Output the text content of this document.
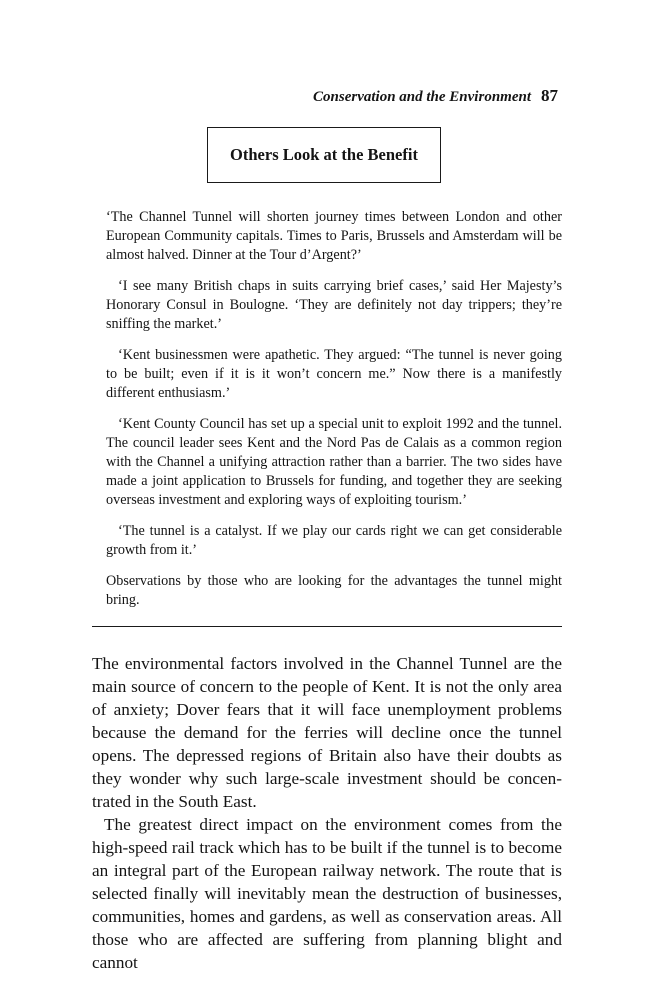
Conservation and the Environment 87
Others Look at the Benefit

‘The Channel Tunnel will shorten journey times between London and other European Community capitals. Times to Paris, Brussels and Amsterdam will be almost halved. Dinner at the Tour d’Argent?’

‘I see many British chaps in suits carrying brief cases,’ said Her Majesty’s Honorary Consul in Boulogne. ‘They are definitely not day trippers; they’re sniffing the market.’

‘Kent businessmen were apathetic. They argued: “The tunnel is never going to be built; even if it is it won’t concern me.” Now there is a manifestly different enthusiasm.’

‘Kent County Council has set up a special unit to exploit 1992 and the tunnel. The council leader sees Kent and the Nord Pas de Calais as a common region with the Channel a unifying attraction rather than a barrier. The two sides have made a joint application to Brussels for funding, and together they are seeking overseas investment and exploring ways of exploiting tourism.’

‘The tunnel is a catalyst. If we play our cards right we can get considerable growth from it.’

Observations by those who are looking for the advantages the tunnel might bring.

The environmental factors involved in the Channel Tunnel are the main source of concern to the people of Kent. It is not the only area of anxiety; Dover fears that it will face unemployment problems because the demand for the ferries will decline once the tunnel opens. The depressed regions of Britain also have their doubts as they wonder why such large-scale investment should be concentrated in the South East.

The greatest direct impact on the environment comes from the high-speed rail track which has to be built if the tunnel is to become an integral part of the European railway network. The route that is selected finally will inevitably mean the destruction of businesses, communities, homes and gardens, as well as conservation areas. All those who are affected are suffering from planning blight and cannot
